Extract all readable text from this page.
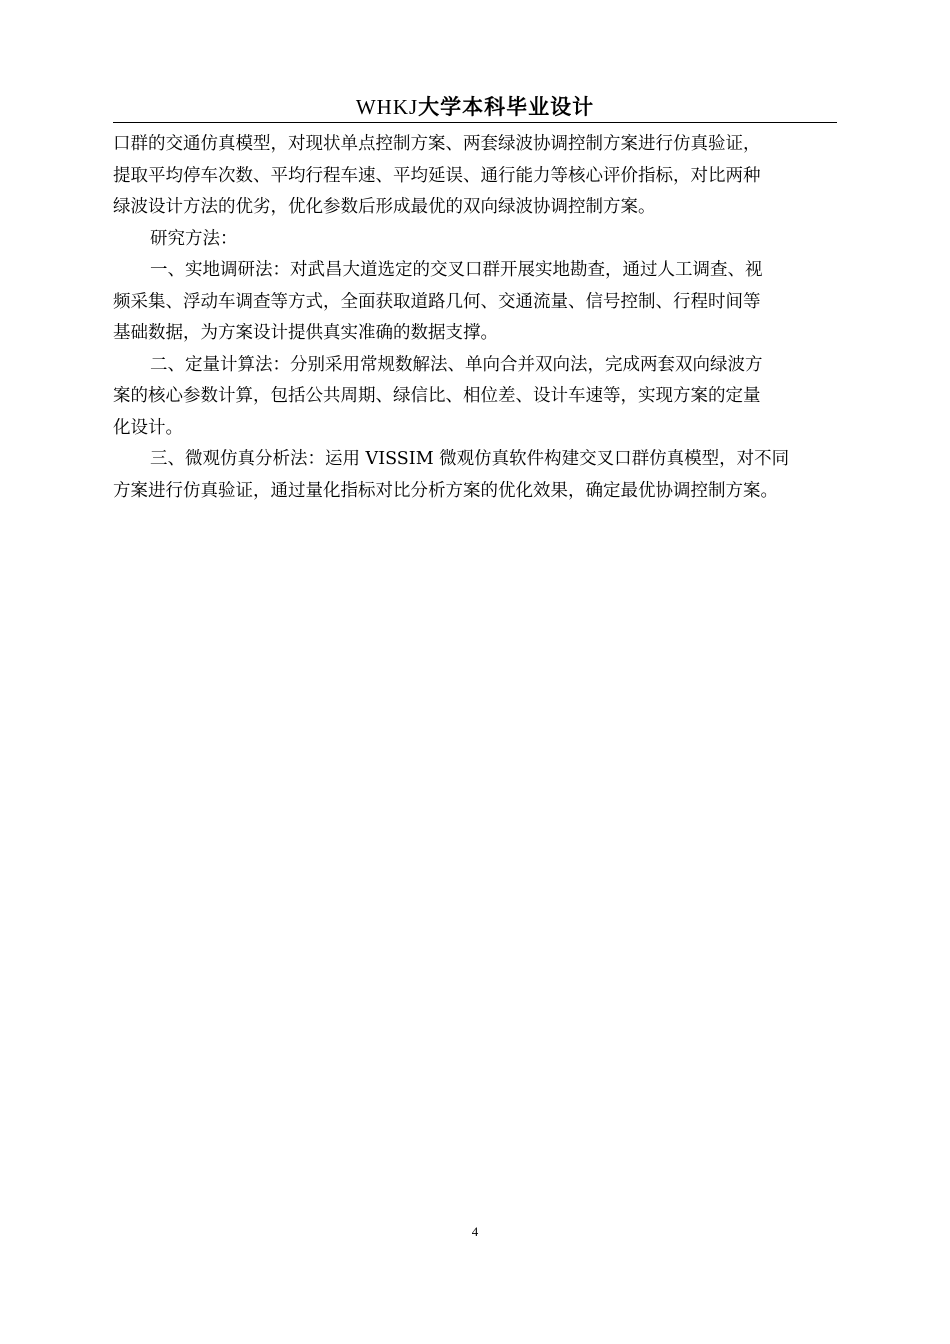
WHKJ大学本科毕业设计

口群的交通仿真模型，对现状单点控制方案、两套绿波协调控制方案进行仿真验证，
提取平均停车次数、平均行程车速、平均延误、通行能力等核心评价指标，对比两种
绿波设计方法的优劣，优化参数后形成最优的双向绿波协调控制方案。

研究方法：

一、实地调研法：对武昌大道选定的交叉口群开展实地勘查，通过人工调查、视
频采集、浮动车调查等方式，全面获取道路几何、交通流量、信号控制、行程时间等
基础数据，为方案设计提供真实准确的数据支撑。

二、定量计算法：分别采用常规数解法、单向合并双向法，完成两套双向绿波方
案的核心参数计算，包括公共周期、绿信比、相位差、设计车速等，实现方案的定量
化设计。

三、微观仿真分析法：运用 VISSIM 微观仿真软件构建交叉口群仿真模型，对不同
方案进行仿真验证，通过量化指标对比分析方案的优化效果，确定最优协调控制方案。

4
